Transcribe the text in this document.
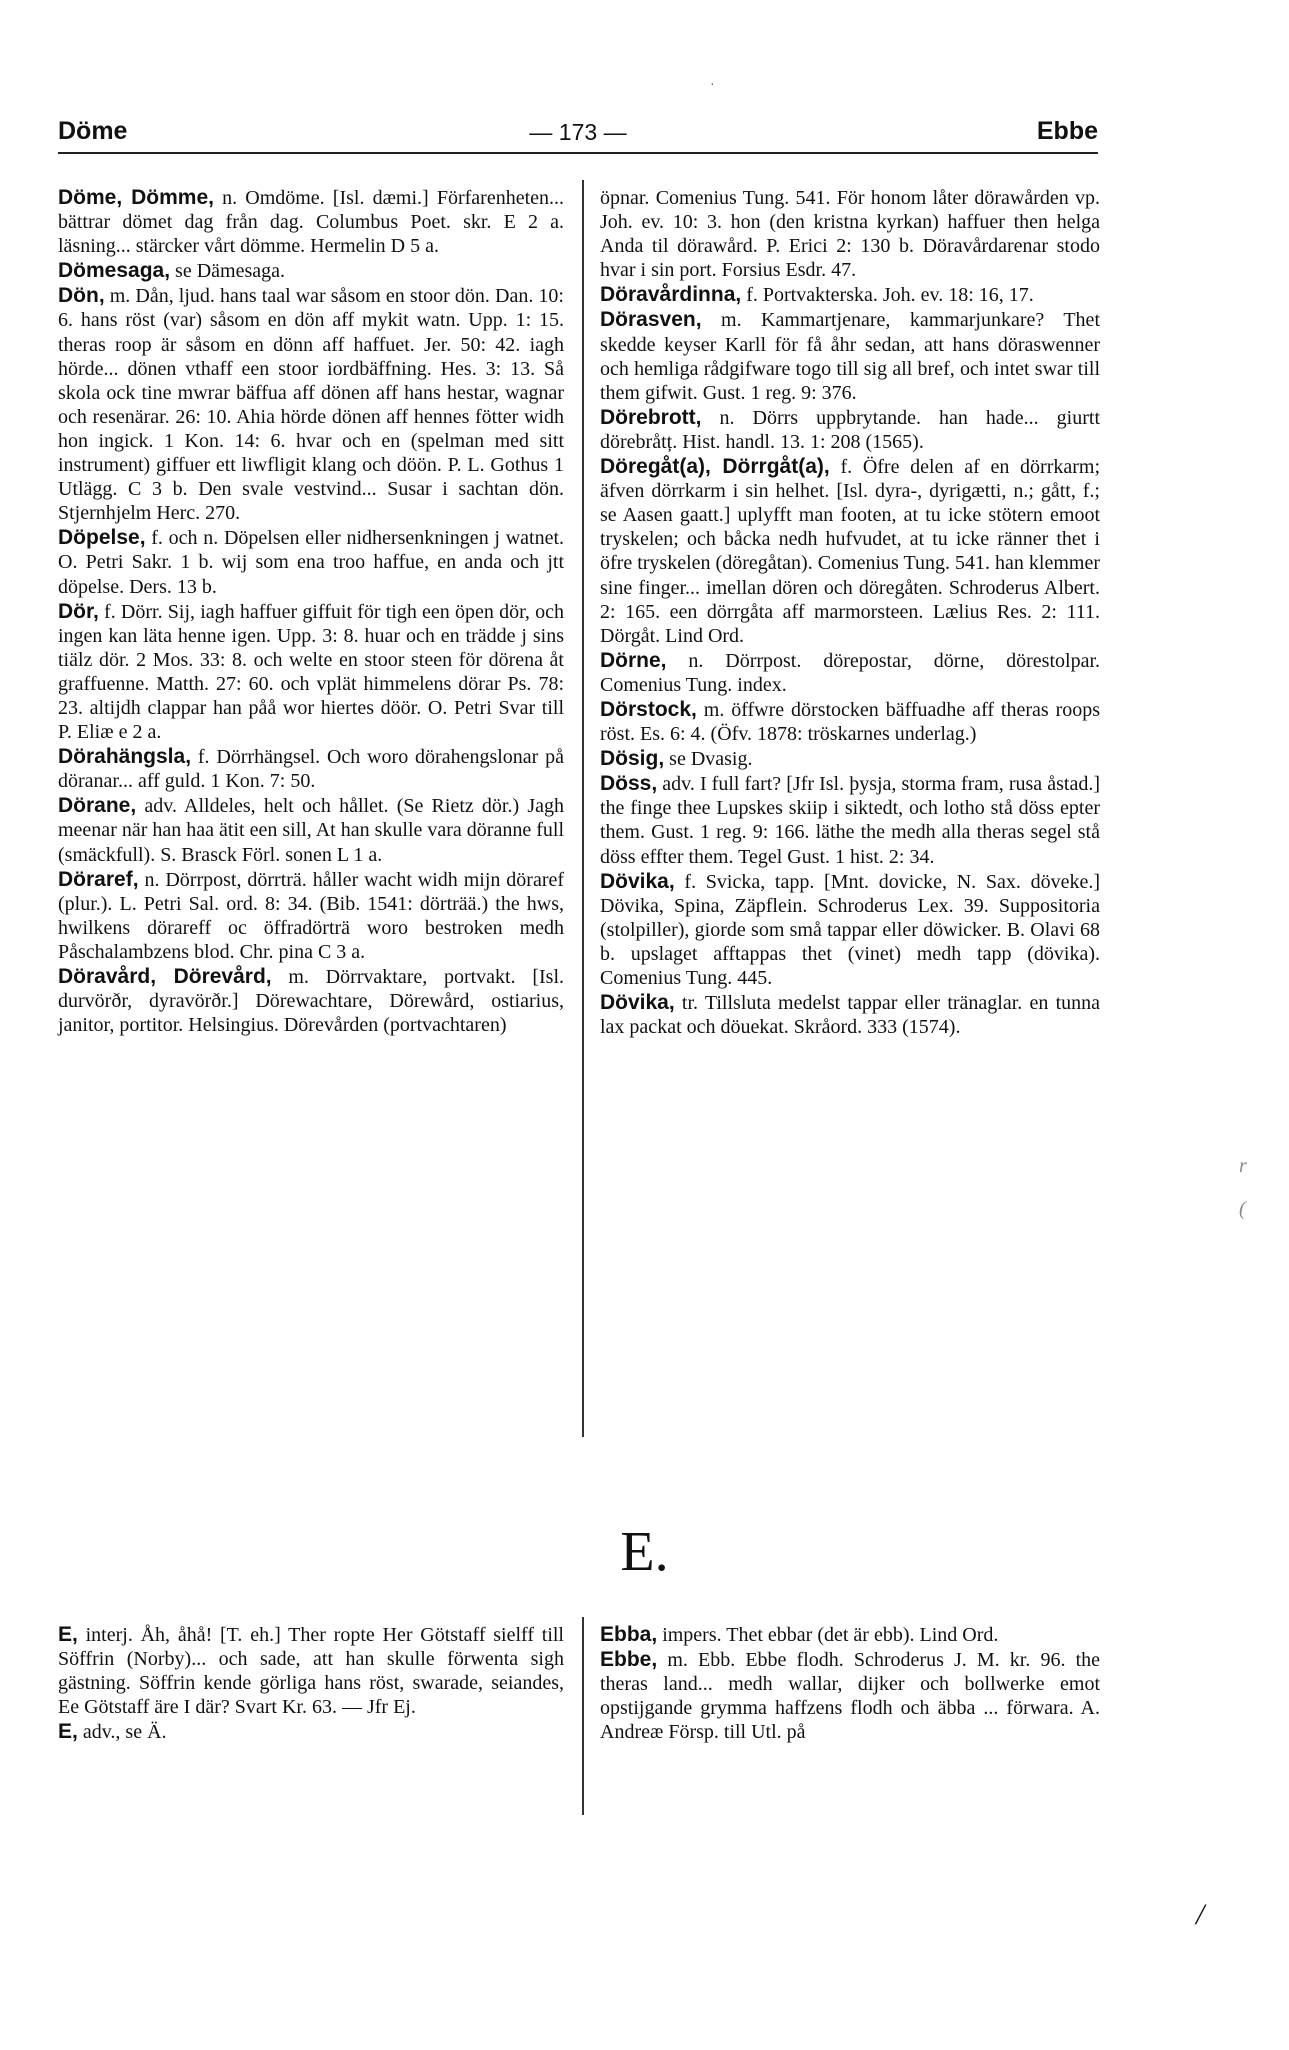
·
Döme	— 173 —	Ebbe

Döme, Dömme, n. Omdöme. [Isl. dæmi.] Förfarenheten... bättrar dömet dag från dag. Columbus Poet. skr. E 2 a. läsning... stärcker vårt dömme. Hermelin D 5 a.

Dömesaga, se Dämesaga.

Dön, m. Dån, ljud. hans taal war såsom en stoor dön. Dan. 10: 6. hans röst (var) såsom en dön aff mykit watn. Upp. 1: 15. theras roop är såsom en dönn aff haffuet. Jer. 50: 42. iagh hörde... dönen vthaff een stoor iordbäffning. Hes. 3: 13. Så skola ock tine mwrar bäffua aff dönen aff hans hestar, wagnar och resenärar. 26: 10. Ahia hörde dönen aff hennes fötter widh hon ingick. 1 Kon. 14: 6. hvar och en (spelman med sitt instrument) giffuer ett liwfligit klang och döön. P. L. Gothus 1 Utlägg. C 3 b. Den svale vestvind... Susar i sachtan dön. Stjernhjelm Herc. 270.

Döpelse, f. och n. Döpelsen eller nidhersenkningen j watnet. O. Petri Sakr. 1 b. wij som ena troo haffue, en anda och jtt döpelse. Ders. 13 b.

Dör, f. Dörr. Sij, iagh haffuer giffuit för tigh een öpen dör, och ingen kan läta henne igen. Upp. 3: 8. huar och en trädde j sins tiälz dör. 2 Mos. 33: 8. och welte en stoor steen för dörena åt graffuenne. Matth. 27: 60. och vplät himmelens dörar Ps. 78: 23. altijdh clappar han påå wor hiertes döör. O. Petri Svar till P. Eliæ e 2 a.

Dörahängsla, f. Dörrhängsel. Och woro dörahengslonar på döranar... aff guld. 1 Kon. 7: 50.

Dörane, adv. Alldeles, helt och hållet. (Se Rietz dör.) Jagh meenar när han haa ätit een sill, At han skulle vara döranne full (smäckfull). S. Brasck Förl. sonen L 1 a.

Döraref, n. Dörrpost, dörrträ. håller wacht widh mijn döraref (plur.). L. Petri Sal. ord. 8: 34. (Bib. 1541: dörträä.) the hws, hwilkens dörareff oc öffradörträ woro bestroken medh Påschalambzens blod. Chr. pina C 3 a.

Döravård, Dörevård, m. Dörrvaktare, portvakt. [Isl. durvörðr, dyravörðr.] Dörewachtare, Dörewård, ostiarius, janitor, portitor. Helsingius. Dörevården (portvachtaren)

öpnar. Comenius Tung. 541. För honom låter dörawården vp. Joh. ev. 10: 3. hon (den kristna kyrkan) haffuer then helga Anda til dörawård. P. Erici 2: 130 b. Döravårdarenar stodo hvar i sin port. Forsius Esdr. 47.

Döravårdinna, f. Portvakterska. Joh. ev. 18: 16, 17.

Dörasven, m. Kammartjenare, kammarjunkare? Thet skedde keyser Karll för få åhr sedan, att hans döraswenner och hemliga rådgifware togo till sig all bref, och intet swar till them gifwit. Gust. 1 reg. 9: 376.

Dörebrott, n. Dörrs uppbrytande. han hade... giurtt dörebråtț. Hist. handl. 13. 1: 208 (1565).

Döregåt(a), Dörrgåt(a), f. Öfre delen af en dörrkarm; äfven dörrkarm i sin helhet. [Isl. dyra-, dyrigætti, n.; gått, f.; se Aasen gaatt.] uplyfft man footen, at tu icke stötern emoot tryskelen; och båcka nedh hufvudet, at tu icke ränner thet i öfre tryskelen (döregåtan). Comenius Tung. 541. han klemmer sine finger... imellan dören och döregåten. Schroderus Albert. 2: 165. een dörrgåta aff marmorsteen. Lælius Res. 2: 111. Dörgåt. Lind Ord.

Dörne, n. Dörrpost. dörepostar, dörne, dörestolpar. Comenius Tung. index.

Dörstock, m. öffwre dörstocken bäffuadhe aff theras roops röst. Es. 6: 4. (Öfv. 1878: tröskarnes underlag.)

Dösig, se Dvasig.

Döss, adv. I full fart? [Jfr Isl. þysja, storma fram, rusa åstad.] the finge thee Lupskes skiip i siktedt, och lotho stå döss epter them. Gust. 1 reg. 9: 166. läthe the medh alla theras segel stå döss effter them. Tegel Gust. 1 hist. 2: 34.

Dövika, f. Svicka, tapp. [Mnt. dovicke, N. Sax. döveke.] Dövika, Spina, Zäpflein. Schroderus Lex. 39. Suppositoria (stolpiller), giorde som små tappar eller döwicker. B. Olavi 68 b. upslaget afftappas thet (vinet) medh tapp (dövika). Comenius Tung. 445.

Dövika, tr. Tillsluta medelst tappar eller tränaglar. en tunna lax packat och döuekat. Skråord. 333 (1574).

E.

E, interj. Åh, åhå! [T. eh.] Ther ropte Her Götstaff sielff till Söffrin (Norby)... och sade, att han skulle förwenta sigh gästning. Söffrin kende görliga hans röst, swarade, seiandes, Ee Götstaff äre I där? Svart Kr. 63. — Jfr Ej.

E, adv., se Ä.

Ebba, impers. Thet ebbar (det är ebb). Lind Ord.

Ebbe, m. Ebb. Ebbe flodh. Schroderus J. M. kr. 96. the theras land... medh wallar, dijker och bollwerke emot opstijgande grymma haffzens flodh och äbba ... förwara. A. Andreæ Försp. till Utl. på

r
(
/
